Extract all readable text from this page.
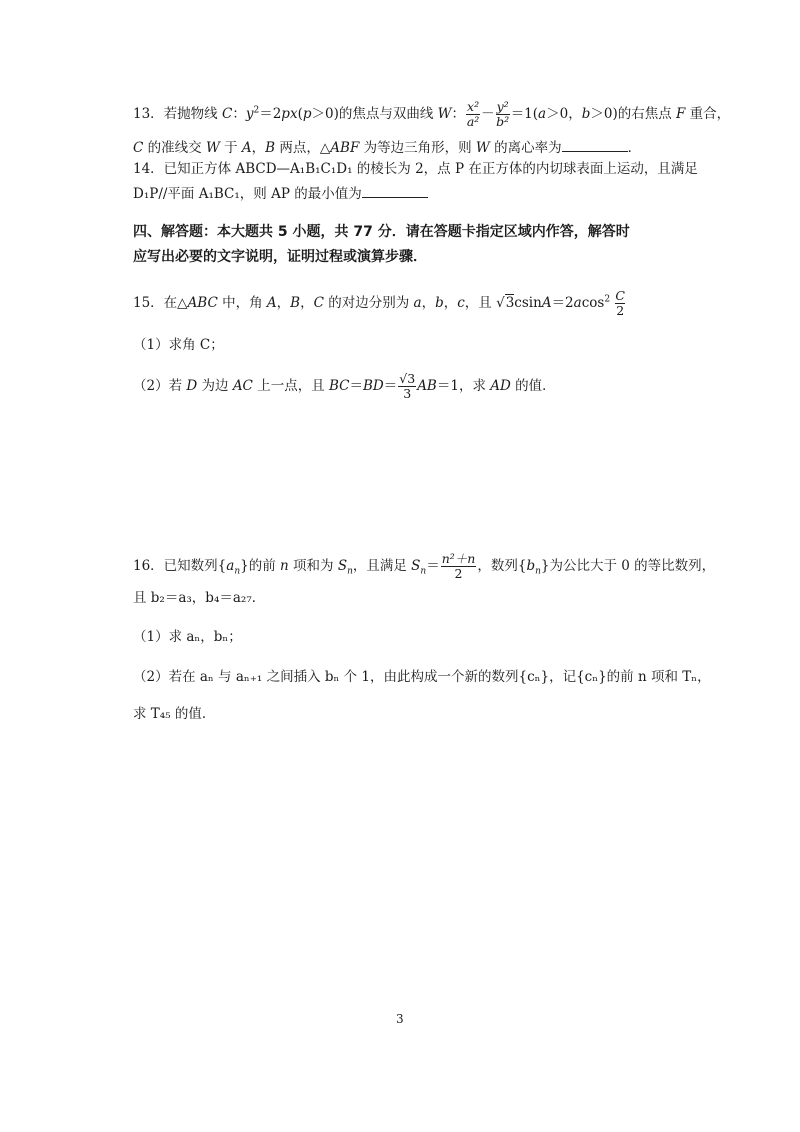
13．若抛物线 C：$y^2=2px(p>0)$的焦点与双曲线 W： $\frac{\text{x²}}{\text{a²}} - \frac{\text{y²}}{\text{b²}} =1(a>0$，b＞0)的右焦点 F 重合，
C 的准线交 W 于 A，B 两点，△ABF 为等边三角形，则 W 的离心率为	．
14．已知正方体 ABCD—A₁B₁C₁D₁ 的棱长为 2，点 P 在正方体的内切球表面上运动，且满足
D₁P//平面 A₁BC₁，则 AP 的最小值为
四、解答题：本大题共 5 小题，共 77 分．请在答题卡指定区域内作答，解答时
应写出必要的文字说明，证明过程或演算步骤．
15．在△ABC 中，角 A，B，C 的对边分别为 a，b，c，且 $√3csinA=2acos^2 \frac{C}{2}$
（1）求角 C；
（2）若 D 为边 AC 上一点，且 $BC=BD= \frac{√3}{3} AB=1$，求 AD 的值．
16．已知数列$\{a_n\}$的前 n 项和为 $S_n$，且满足 $S_n= \frac{\text{n²＋n}}{2}$ ，数列$\{b_n\}$为公比大于 0 的等比数列，
且 b₂＝a₃，b₄＝a₂₇．
（1）求 aₙ，bₙ；
（2）若在 aₙ 与 aₙ₊₁ 之间插入 bₙ 个 1，由此构成一个新的数列{cₙ}，记{cₙ}的前 n 项和 Tₙ，
求 T₄₅ 的值．
3
